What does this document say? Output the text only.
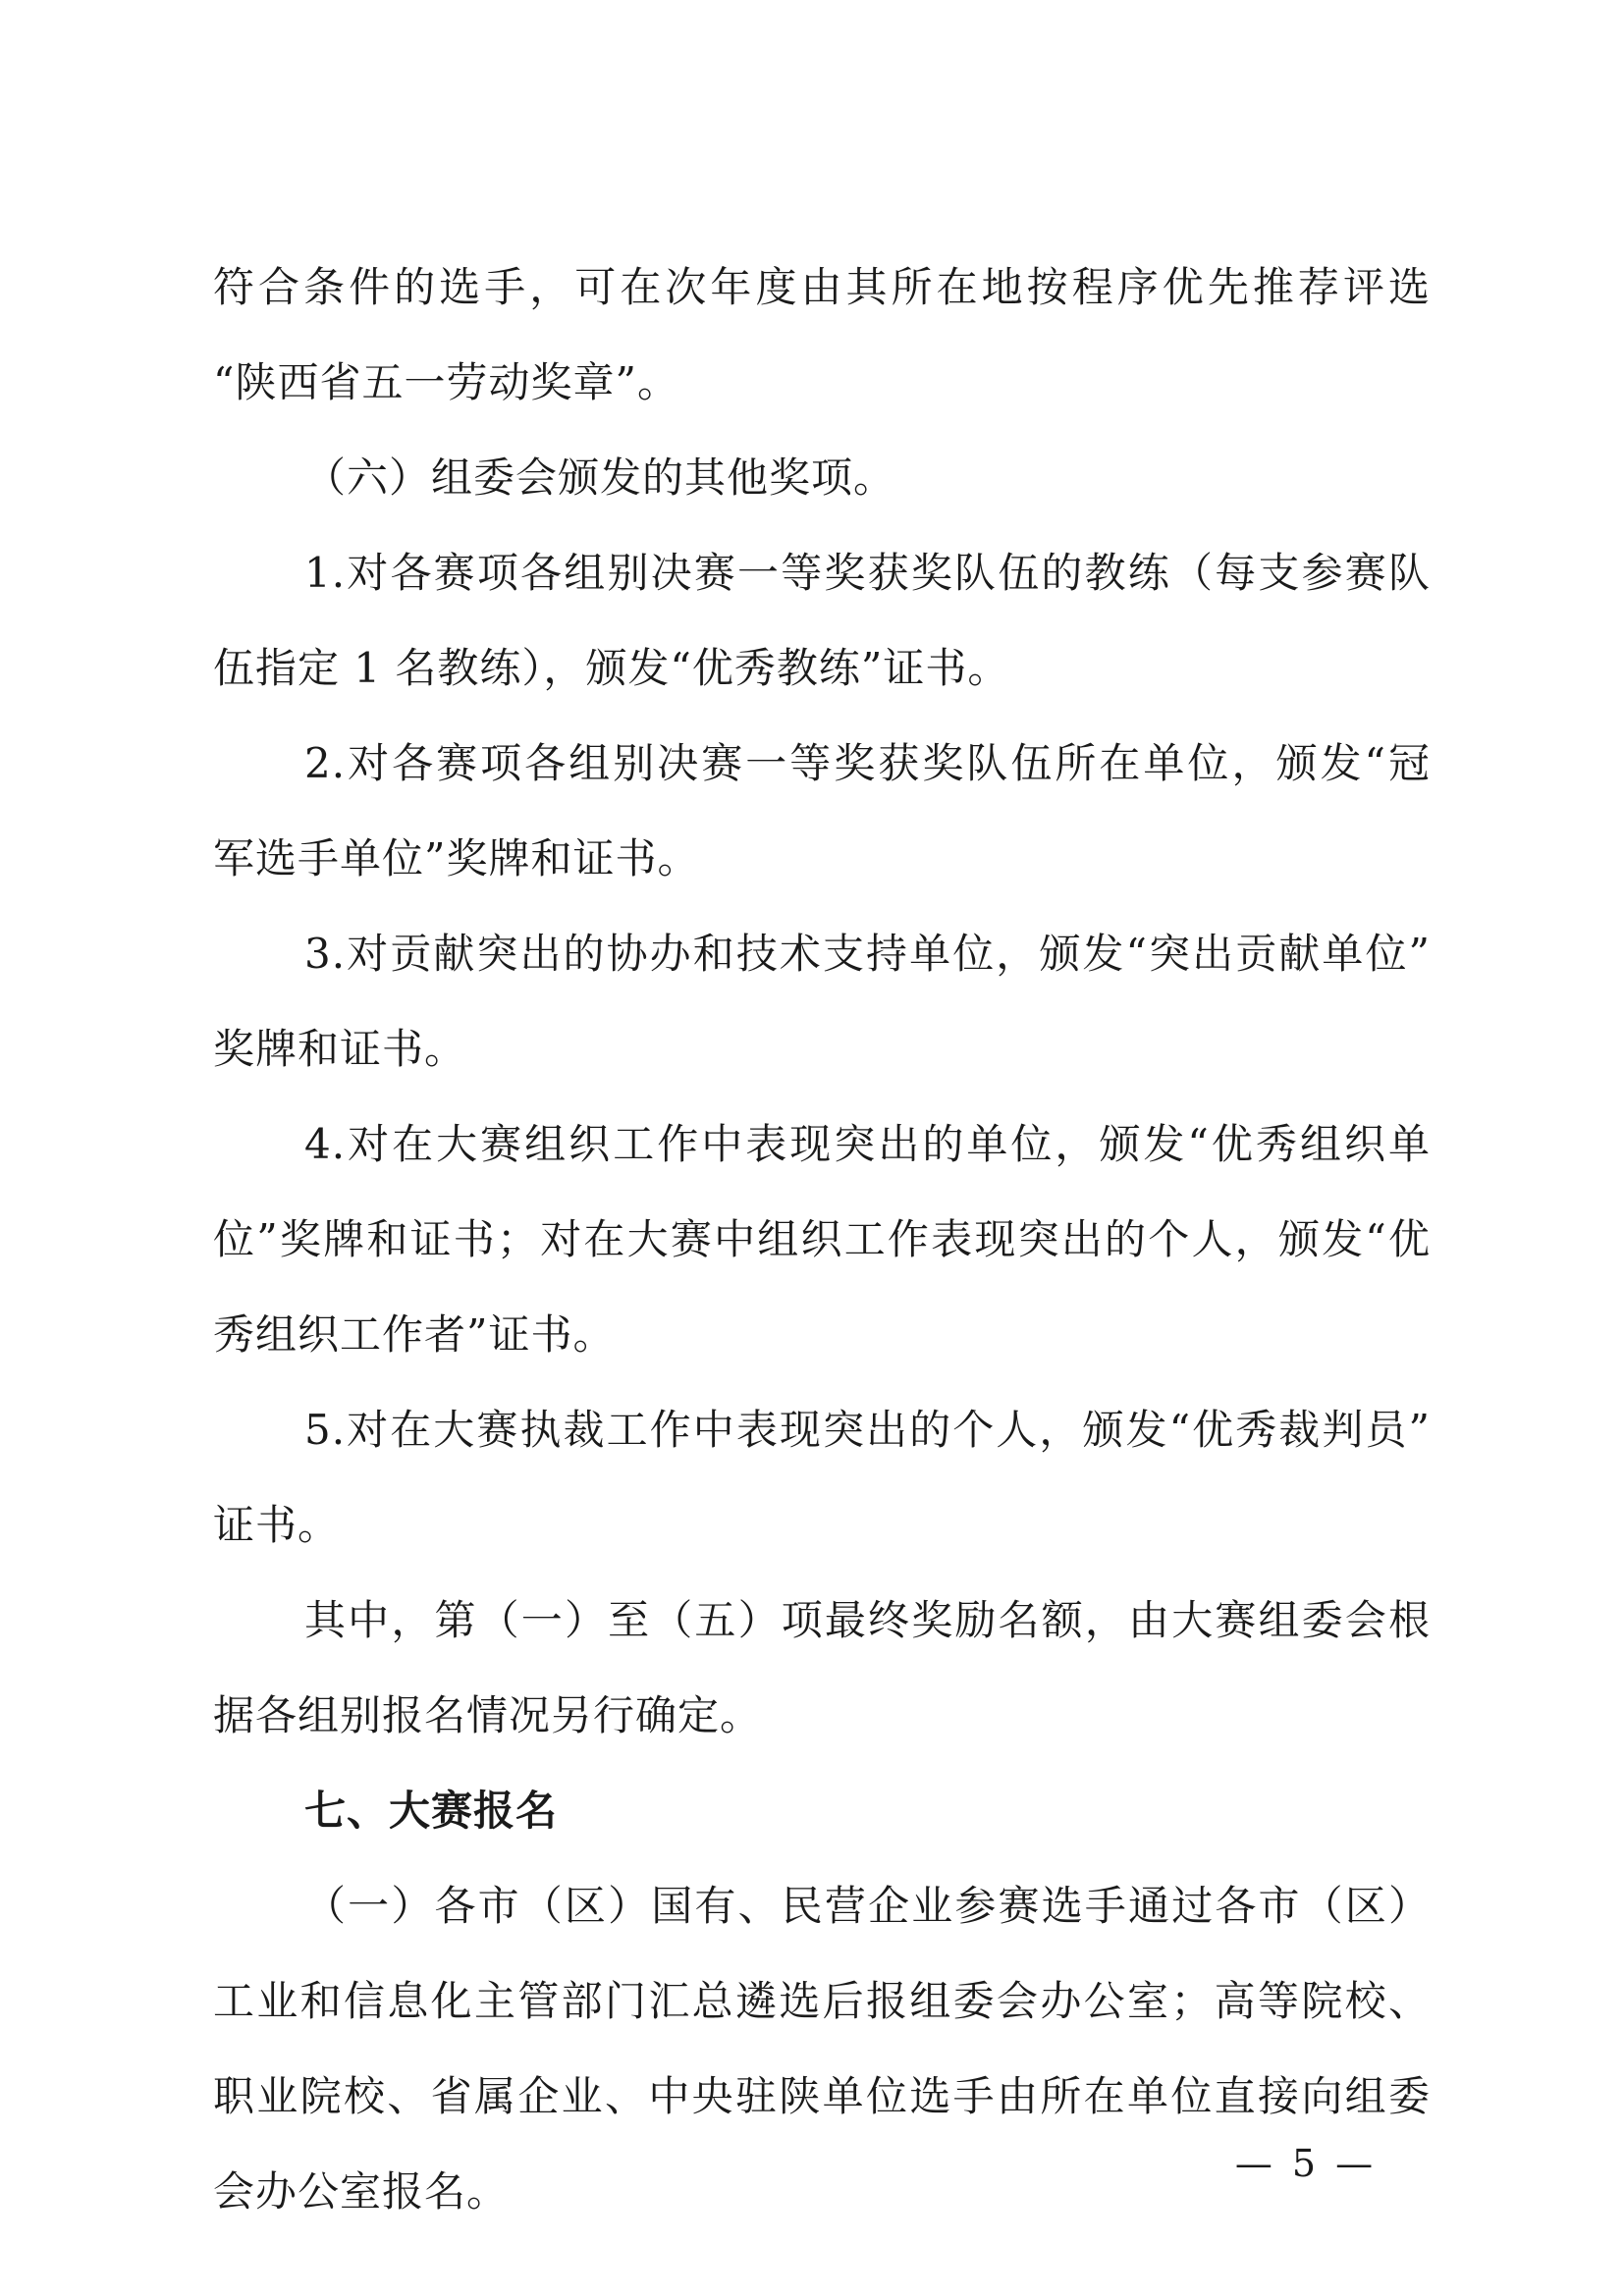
符合条件的选手，可在次年度由其所在地按程序优先推荐评选
“陕西省五一劳动奖章”。
（六）组委会颁发的其他奖项。
1.对各赛项各组别决赛一等奖获奖队伍的教练（每支参赛队
伍指定 1 名教练），颁发“优秀教练”证书。
2.对各赛项各组别决赛一等奖获奖队伍所在单位，颁发“冠
军选手单位”奖牌和证书。
3.对贡献突出的协办和技术支持单位，颁发“突出贡献单位”
奖牌和证书。
4.对在大赛组织工作中表现突出的单位，颁发“优秀组织单
位”奖牌和证书；对在大赛中组织工作表现突出的个人，颁发“优
秀组织工作者”证书。
5.对在大赛执裁工作中表现突出的个人，颁发“优秀裁判员”
证书。
其中，第（一）至（五）项最终奖励名额，由大赛组委会根
据各组别报名情况另行确定。
七、大赛报名
（一）各市（区）国有、民营企业参赛选手通过各市（区）
工业和信息化主管部门汇总遴选后报组委会办公室；高等院校、
职业院校、省属企业、中央驻陕单位选手由所在单位直接向组委
会办公室报名。
— 5 —
